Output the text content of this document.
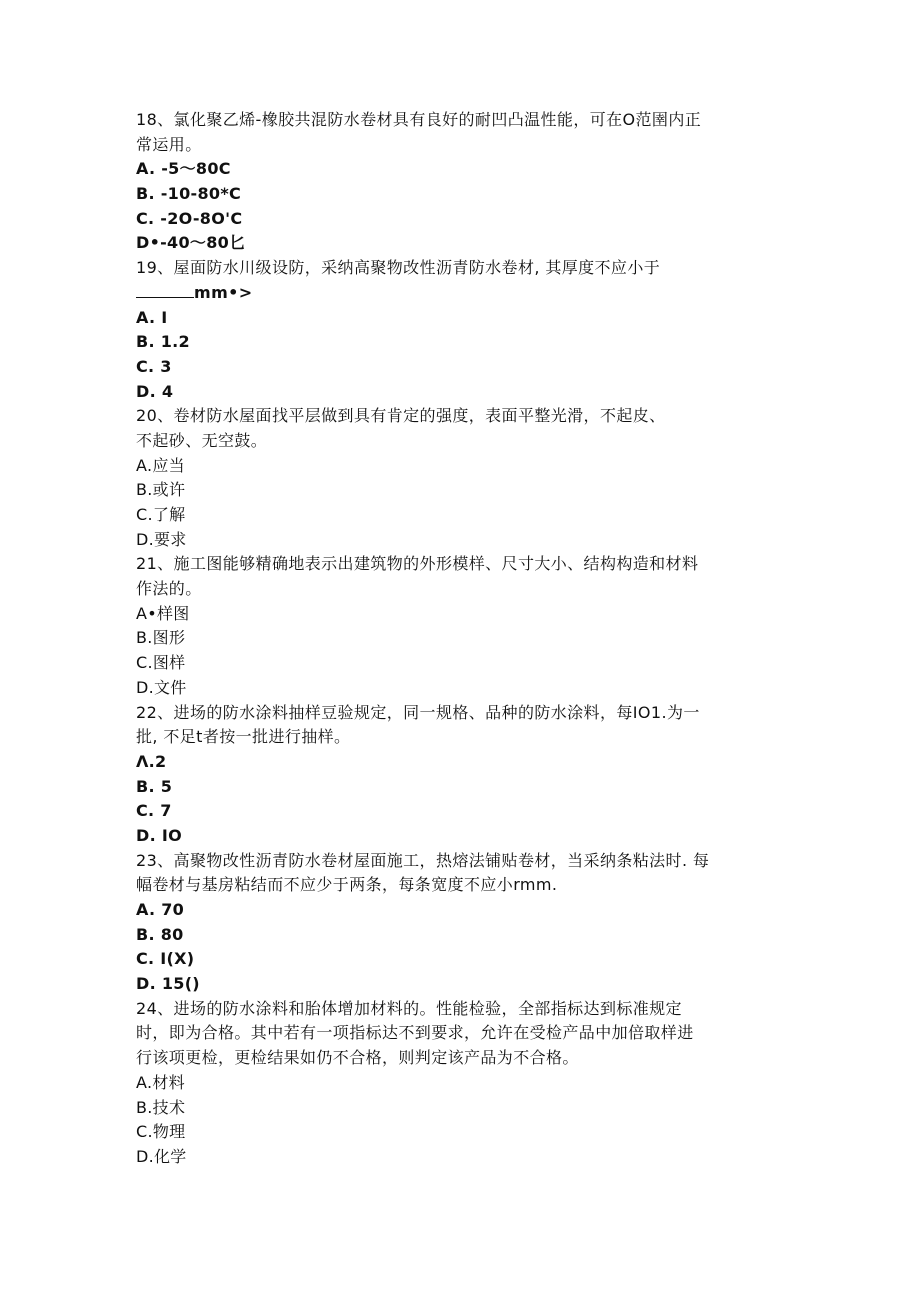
18、氯化聚乙烯-橡胶共混防水卷材具有良好的耐凹凸温性能，可在O范圉内正
常运用。
A. -5〜80C
B. -10-80*C
C. -2O-8O'C
D•-40〜80匕
19、屋面防水川级设防，采纳高聚物改性沥青防水卷材, 其厚度不应小于
mm•>
A. I
B. 1.2
C. 3
D. 4
20、卷材防水屋面找平层做到具有肯定的强度，表面平整光滑，不起皮、
不起砂、无空鼓。
A.应当
B.或许
C.了解
D.要求
21、施工图能够精确地表示出建筑物的外形模样、尺寸大小、结构构造和材料
作法的。
A•样图
B.图形
C.图样
D.文件
22、进场的防水涂料抽样豆验规定，同一规格、品种的防水涂料，每IO1.为一
批, 不足t者按一批进行抽样。
Λ.2
B. 5
C. 7
D. IO
23、高聚物改性沥青防水卷材屋面施工，热熔法铺贴卷材，当采纳条粘法时. 每
幅卷材与基房粘结而不应少于两条，每条宽度不应小rmm.
A. 70
B. 80
C. I(X)
D. 15()
24、进场的防水涂料和胎体增加材料的。性能检验，全部指标达到标准规定
时，即为合格。其中若有一项指标达不到要求，允许在受检产品中加倍取样进
行该项更检，更检结果如仍不合格，则判定该产品为不合格。
A.材料
B.技术
C.物理
D.化学
